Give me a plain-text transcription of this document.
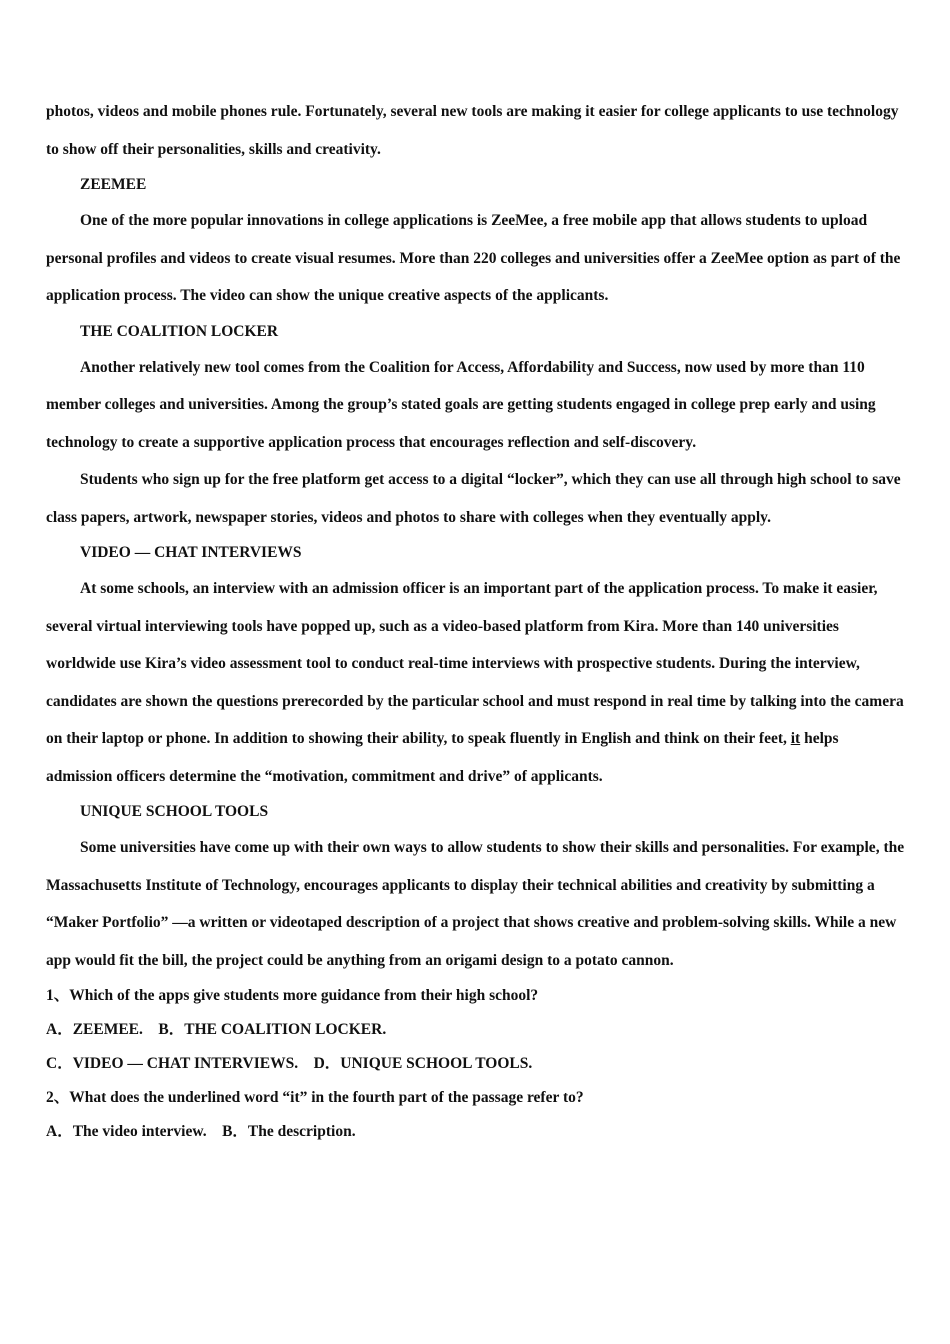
photos, videos and mobile phones rule. Fortunately, several new tools are making it easier for college applicants to use technology to show off their personalities, skills and creativity.

ZEEMEE

One of the more popular innovations in college applications is ZeeMee, a free mobile app that allows students to upload personal profiles and videos to create visual resumes. More than 220 colleges and universities offer a ZeeMee option as part of the application process. The video can show the unique creative aspects of the applicants.

THE COALITION LOCKER

Another relatively new tool comes from the Coalition for Access, Affordability and Success, now used by more than 110 member colleges and universities. Among the group’s stated goals are getting students engaged in college prep early and using technology to create a supportive application process that encourages reflection and self-discovery.

Students who sign up for the free platform get access to a digital “locker”, which they can use all through high school to save class papers, artwork, newspaper stories, videos and photos to share with colleges when they eventually apply.

VIDEO — CHAT INTERVIEWS

At some schools, an interview with an admission officer is an important part of the application process. To make it easier, several virtual interviewing tools have popped up, such as a video-based platform from Kira. More than 140 universities worldwide use Kira’s video assessment tool to conduct real-time interviews with prospective students. During the interview, candidates are shown the questions prerecorded by the particular school and must respond in real time by talking into the camera on their laptop or phone. In addition to showing their ability, to speak fluently in English and think on their feet, it helps admission officers determine the “motivation, commitment and drive” of applicants.

UNIQUE SCHOOL TOOLS

Some universities have come up with their own ways to allow students to show their skills and personalities. For example, the Massachusetts Institute of Technology, encourages applicants to display their technical abilities and creativity by submitting a “Maker Portfolio” —a written or videotaped description of a project that shows creative and problem-solving skills. While a new app would fit the bill, the project could be anything from an origami design to a potato cannon.

1、Which of the apps give students more guidance from their high school?
A．ZEEMEE.    B．THE COALITION LOCKER.
C．VIDEO — CHAT INTERVIEWS.    D．UNIQUE SCHOOL TOOLS.
2、What does the underlined word “it” in the fourth part of the passage refer to?
A．The video interview.    B．The description.
